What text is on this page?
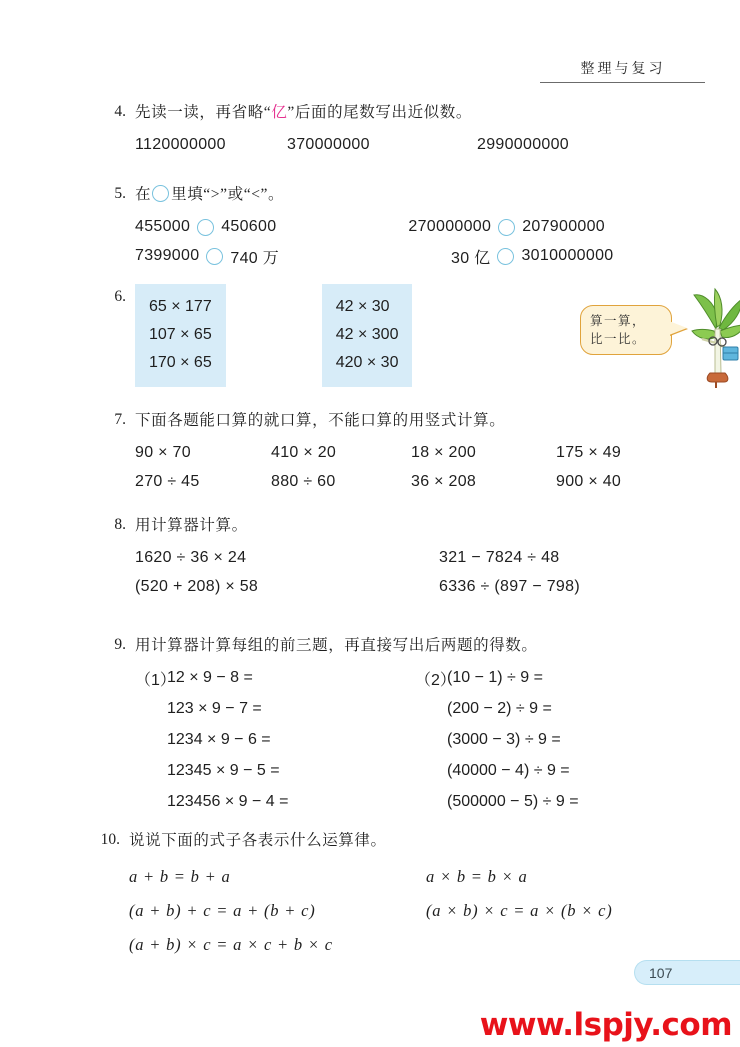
整理与复习
4. 先读一读，再省略“亿”后面的尾数写出近似数。
1120000000	370000000	2990000000
5. 在 里填“>”或“<”。
455000 450600	270000000 207900000
7399000 740 万	30 亿 3010000000
6.
65 × 177
107 × 65
170 × 65
42 × 30
42 × 300
420 × 30
算一算，
比一比。
7. 下面各题能口算的就口算，不能口算的用竖式计算。
90 × 70	410 × 20	18 × 200	175 × 49
270 ÷ 45	880 ÷ 60	36 × 208	900 × 40
8. 用计算器计算。
1620 ÷ 36 × 24	321 − 7824 ÷ 48
(520 + 208) × 58	6336 ÷ (897 − 798)
9. 用计算器计算每组的前三题，再直接写出后两题的得数。
（1）
12 × 9 − 8 =
123 × 9 − 7 =
1234 × 9 − 6 =
12345 × 9 − 5 =
123456 × 9 − 4 =
（2）
(10 − 1) ÷ 9 =
(200 − 2) ÷ 9 =
(3000 − 3) ÷ 9 =
(40000 − 4) ÷ 9 =
(500000 − 5) ÷ 9 =
10. 说说下面的式子各表示什么运算律。
a + b = b + a
(a + b) + c = a + (b + c)
(a + b) × c = a × c + b × c
a × b = b × a
(a × b) × c = a × (b × c)
107
www.lspjy.com
